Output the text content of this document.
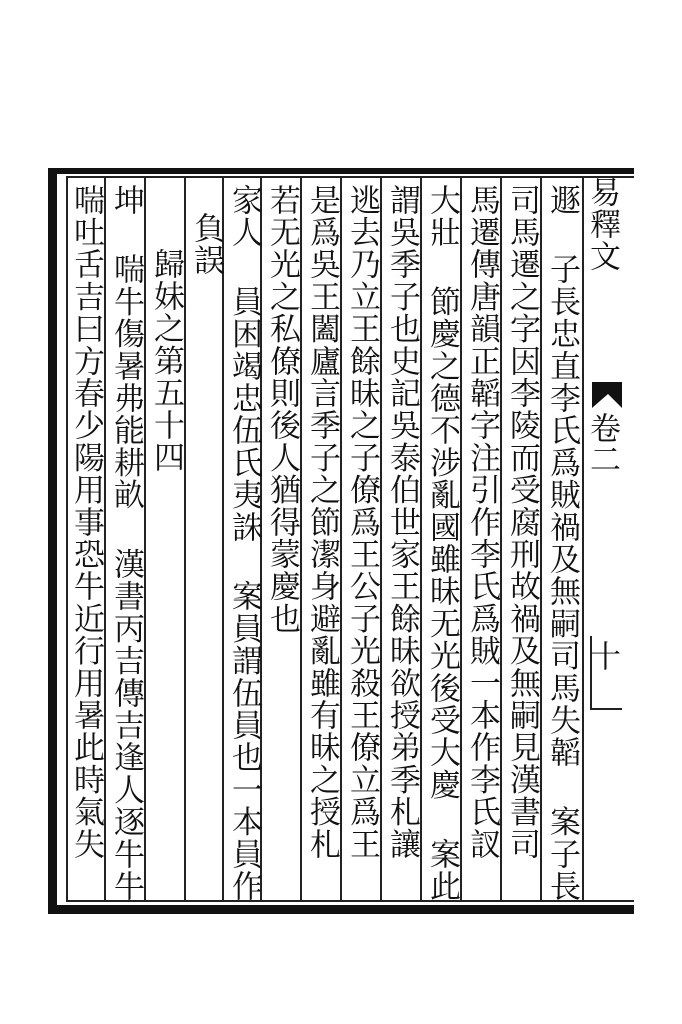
易釋文
卷二
十
遯 子長忠直李氏爲賊禍及無嗣司馬失韜 案子長
司馬遷之字因李陵而受腐刑故禍及無嗣見漢書司
馬遷傳唐韻正韜字注引作李氏爲賊一本作李氏訍
大壯 節慶之德不涉亂國雖昧无光後受大慶 案此
謂吳季子也史記吳泰伯世家王餘昧欲授弟季札讓
逃去乃立王餘昧之子僚爲王公子光殺王僚立爲王
是爲吳王闔廬言季子之節潔身避亂雖有昧之授札
若无光之私僚則後人猶得蒙慶也
家人 員困竭忠伍氏夷誅 案員謂伍員也一本員作
負誤
歸妹之第五十四
坤 喘牛傷暑弗能耕畝 漢書丙吉傳吉逢人逐牛牛
喘吐舌吉曰方春少陽用事恐牛近行用暑此時氣失
